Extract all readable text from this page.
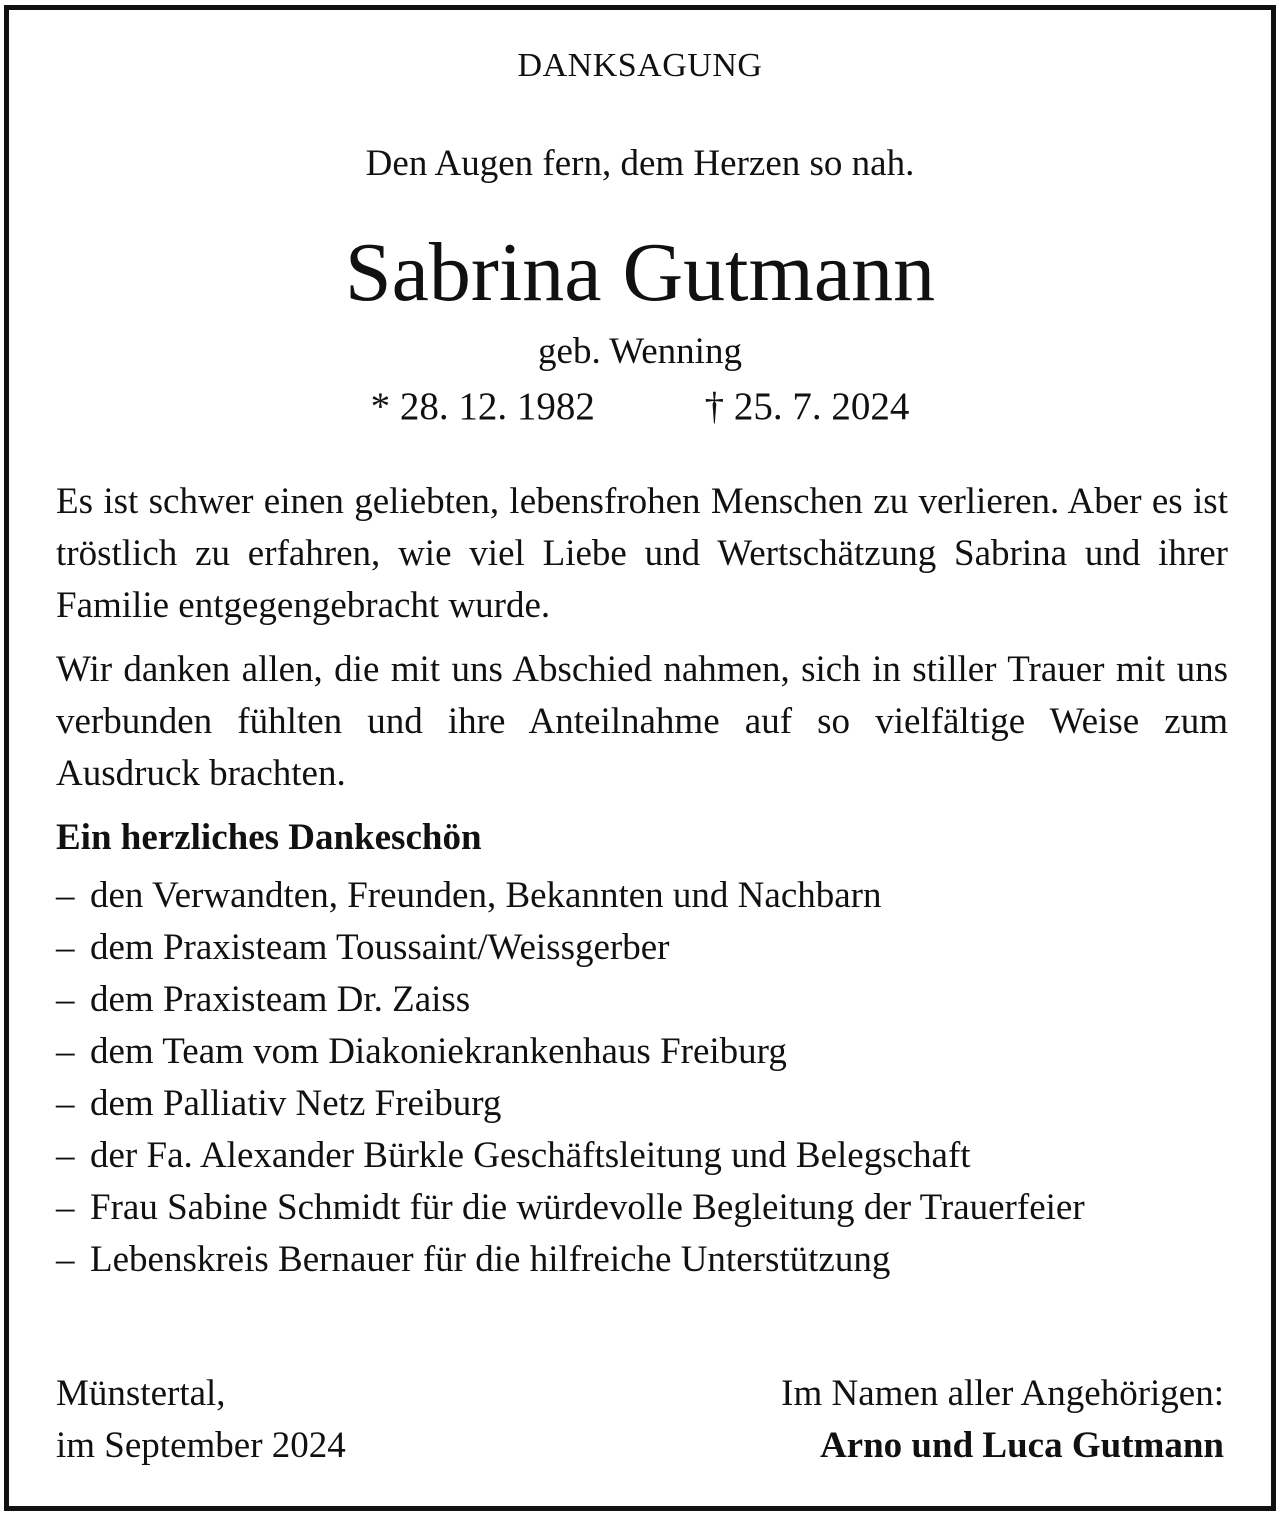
DANKSAGUNG
Den Augen fern, dem Herzen so nah.
Sabrina Gutmann
geb. Wenning
* 28. 12. 1982	† 25. 7. 2024
Es ist schwer einen geliebten, lebensfrohen Menschen zu verlieren. Aber es ist tröstlich zu erfahren, wie viel Liebe und Wertschätzung Sabrina und ihrer Familie entgegengebracht wurde.
Wir danken allen, die mit uns Abschied nahmen, sich in stiller Trauer mit uns verbunden fühlten und ihre Anteilnahme auf so vielfältige Weise zum Ausdruck brachten.
Ein herzliches Dankeschön
– den Verwandten, Freunden, Bekannten und Nachbarn
– dem Praxisteam Toussaint/Weissgerber
– dem Praxisteam Dr. Zaiss
– dem Team vom Diakoniekrankenhaus Freiburg
– dem Palliativ Netz Freiburg
– der Fa. Alexander Bürkle Geschäftsleitung und Belegschaft
– Frau Sabine Schmidt für die würdevolle Begleitung der Trauerfeier
– Lebenskreis Bernauer für die hilfreiche Unterstützung
Münstertal,
im September 2024
Im Namen aller Angehörigen:
Arno und Luca Gutmann
